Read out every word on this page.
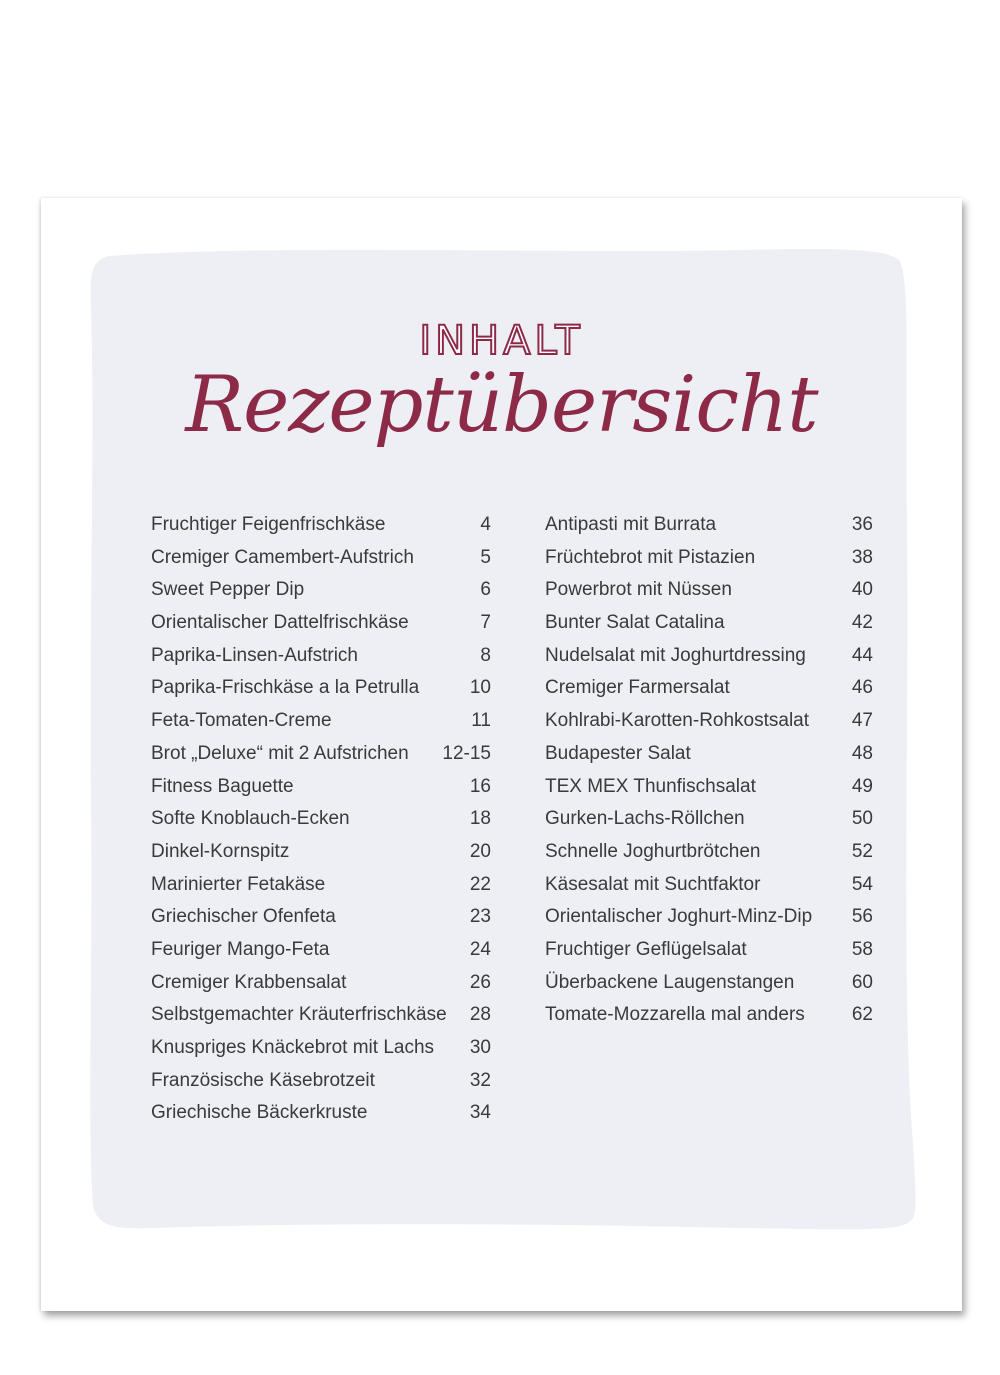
INHALT
Rezeptübersicht
Fruchtiger Feigenfrischkäse	4
Cremiger Camembert-Aufstrich	5
Sweet Pepper Dip	6
Orientalischer Dattelfrischkäse	7
Paprika-Linsen-Aufstrich	8
Paprika-Frischkäse a la Petrulla	10
Feta-Tomaten-Creme	11
Brot „Deluxe“ mit 2 Aufstrichen 12-15
Fitness Baguette	16
Softe Knoblauch-Ecken	18
Dinkel-Kornspitz	20
Marinierter Fetakäse	22
Griechischer Ofenfeta	23
Feuriger Mango-Feta	24
Cremiger Krabbensalat	26
Selbstgemachter Kräuterfrischkäse 28
Knuspriges Knäckebrot mit Lachs 30
Französische Käsebrotzeit	32
Griechische Bäckerkruste	34
Antipasti mit Burrata	36
Früchtebrot mit Pistazien	38
Powerbrot mit Nüssen	40
Bunter Salat Catalina	42
Nudelsalat mit Joghurtdressing 44
Cremiger Farmersalat	46
Kohlrabi-Karotten-Rohkostsalat 47
Budapester Salat	48
TEX MEX Thunfischsalat	49
Gurken-Lachs-Röllchen	50
Schnelle Joghurtbrötchen	52
Käsesalat mit Suchtfaktor	54
Orientalischer Joghurt-Minz-Dip 56
Fruchtiger Geflügelsalat	58
Überbackene Laugenstangen	60
Tomate-Mozzarella mal anders 62
